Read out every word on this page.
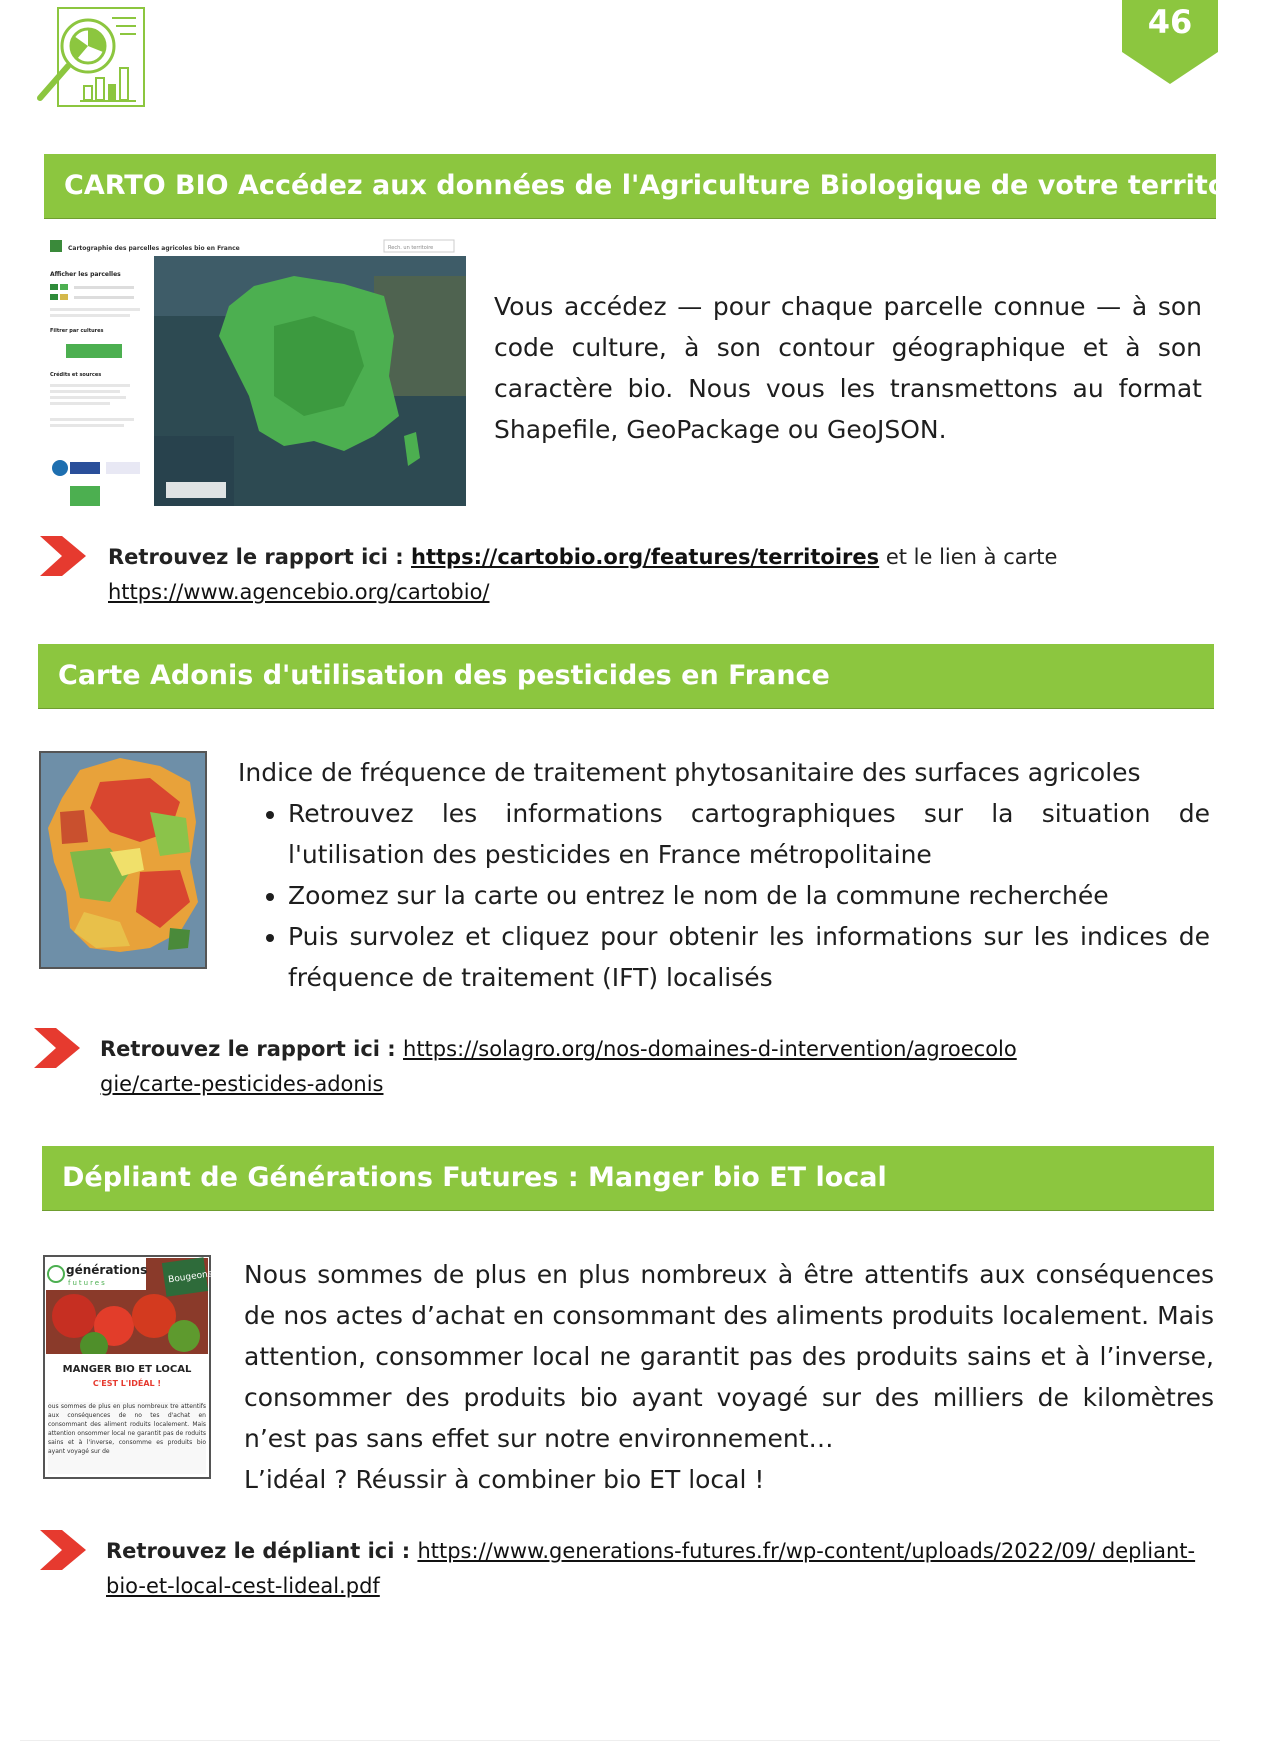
46
CARTO BIO Accédez aux données de l'Agriculture Biologique de votre territoire
Cartographie des parcelles agricoles bio en France	Rech. un territoire
Afficher les parcelles
Filtrer par cultures
Crédits et sources
Vous accédez — pour chaque parcelle connue — à son code culture, à son contour géographique et à son caractère bio. Nous vous les transmettons au format Shapefile, GeoPackage ou GeoJSON.
Retrouvez le rapport ici : https://cartobio.org/features/territoires et le lien à carte
https://www.agencebio.org/cartobio/
Carte Adonis d'utilisation des pesticides en France
Indice de fréquence de traitement phytosanitaire des surfaces agricoles
• Retrouvez les informations cartographiques sur la situation de l'utilisation des pesticides en France métropolitaine
• Zoomez sur la carte ou entrez le nom de la commune recherchée
• Puis survolez et cliquez pour obtenir les informations sur les indices de fréquence de traitement (IFT) localisés
Retrouvez le rapport ici : https://solagro.org/nos-domaines-d-intervention/agroecolo gie/carte-pesticides-adonis
Dépliant de Générations Futures : Manger bio ET local
générations
futures	Bougeons KG
MANGER BIO ET LOCAL
C'EST L'IDÉAL !
ous sommes de plus en plus nombreux tre attentifs aux conséquences de no tes d'achat en consommant des aliment roduits localement. Mais attention onsommer local ne garantit pas de roduits sains et à l'inverse, consomme es produits bio ayant voyagé sur de
Nous sommes de plus en plus nombreux à être attentifs aux conséquences de nos actes d’achat en consommant des aliments produits localement. Mais attention, consommer local ne garantit pas des produits sains et à l’inverse, consommer des produits bio ayant voyagé sur des milliers de kilomètres n’est pas sans effet sur notre environnement…
L’idéal ? Réussir à combiner bio ET local !
Retrouvez le dépliant ici : https://www.generations-futures.fr/wp-content/uploads/2022/09/ depliant-bio-et-local-cest-lideal.pdf
